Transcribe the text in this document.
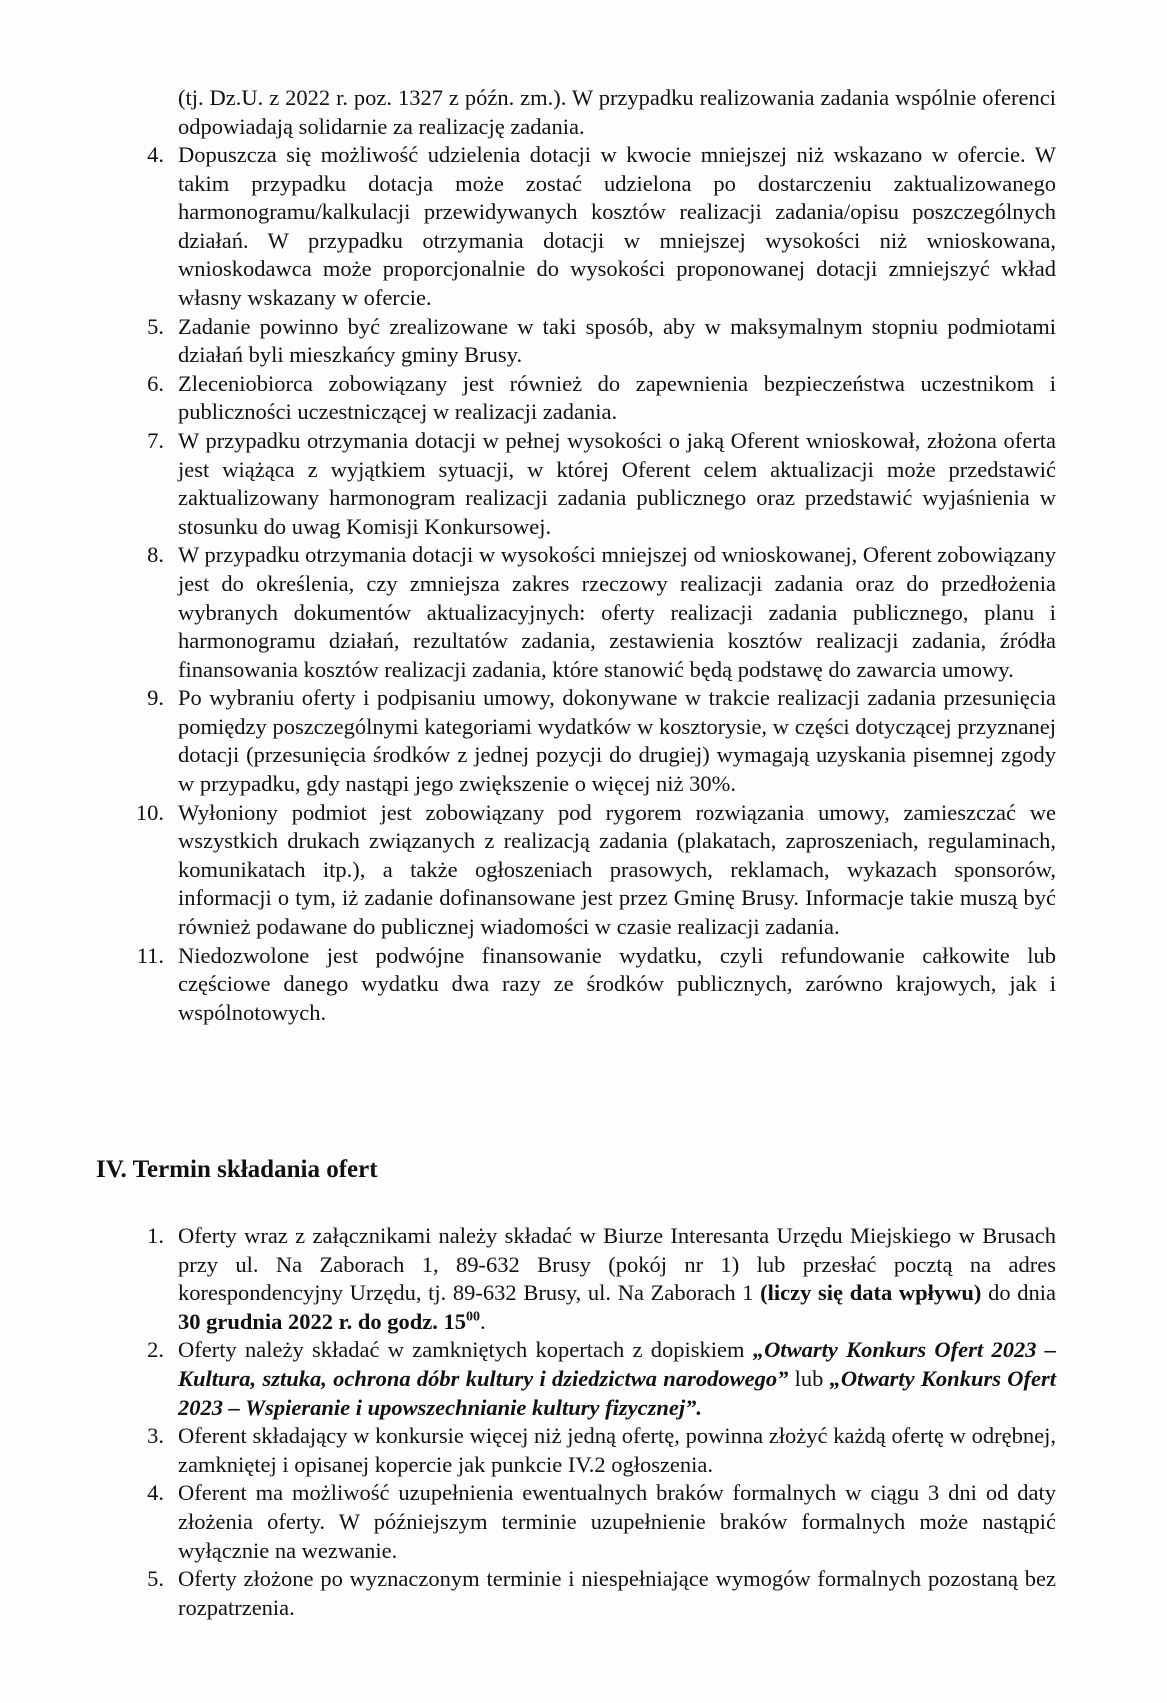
(tj. Dz.U. z 2022 r. poz. 1327 z późn. zm.). W przypadku realizowania zadania wspólnie oferenci odpowiadają solidarnie za realizację zadania.

4. Dopuszcza się możliwość udzielenia dotacji w kwocie mniejszej niż wskazano w ofercie. W takim przypadku dotacja może zostać udzielona po dostarczeniu zaktualizowanego harmonogramu/kalkulacji przewidywanych kosztów realizacji zadania/opisu poszczególnych działań. W przypadku otrzymania dotacji w mniejszej wysokości niż wnioskowana, wnioskodawca może proporcjonalnie do wysokości proponowanej dotacji zmniejszyć wkład własny wskazany w ofercie.
5. Zadanie powinno być zrealizowane w taki sposób, aby w maksymalnym stopniu podmiotami działań byli mieszkańcy gminy Brusy.
6. Zleceniobiorca zobowiązany jest również do zapewnienia bezpieczeństwa uczestnikom i publiczności uczestniczącej w realizacji zadania.
7. W przypadku otrzymania dotacji w pełnej wysokości o jaką Oferent wnioskował, złożona oferta jest wiążąca z wyjątkiem sytuacji, w której Oferent celem aktualizacji może przedstawić zaktualizowany harmonogram realizacji zadania publicznego oraz przedstawić wyjaśnienia w stosunku do uwag Komisji Konkursowej.
8. W przypadku otrzymania dotacji w wysokości mniejszej od wnioskowanej, Oferent zobowiązany jest do określenia, czy zmniejsza zakres rzeczowy realizacji zadania oraz do przedłożenia wybranych dokumentów aktualizacyjnych: oferty realizacji zadania publicznego, planu i harmonogramu działań, rezultatów zadania, zestawienia kosztów realizacji zadania, źródła finansowania kosztów realizacji zadania, które stanowić będą podstawę do zawarcia umowy.
9. Po wybraniu oferty i podpisaniu umowy, dokonywane w trakcie realizacji zadania przesunięcia pomiędzy poszczególnymi kategoriami wydatków w kosztorysie, w części dotyczącej przyznanej dotacji (przesunięcia środków z jednej pozycji do drugiej) wymagają uzyskania pisemnej zgody w przypadku, gdy nastąpi jego zwiększenie o więcej niż 30%.
10. Wyłoniony podmiot jest zobowiązany pod rygorem rozwiązania umowy, zamieszczać we wszystkich drukach związanych z realizacją zadania (plakatach, zaproszeniach, regulaminach, komunikatach itp.), a także ogłoszeniach prasowych, reklamach, wykazach sponsorów, informacji o tym, iż zadanie dofinansowane jest przez Gminę Brusy. Informacje takie muszą być również podawane do publicznej wiadomości w czasie realizacji zadania.
11. Niedozwolone jest podwójne finansowanie wydatku, czyli refundowanie całkowite lub częściowe danego wydatku dwa razy ze środków publicznych, zarówno krajowych, jak i wspólnotowych.
IV. Termin składania ofert
1. Oferty wraz z załącznikami należy składać w Biurze Interesanta Urzędu Miejskiego w Brusach przy ul. Na Zaborach 1, 89-632 Brusy (pokój nr 1) lub przesłać pocztą na adres korespondencyjny Urzędu, tj. 89-632 Brusy, ul. Na Zaborach 1 (liczy się data wpływu) do dnia 30 grudnia 2022 r. do godz. $15^{00}$.
2. Oferty należy składać w zamkniętych kopertach z dopiskiem „Otwarty Konkurs Ofert 2023 – Kultura, sztuka, ochrona dóbr kultury i dziedzictwa narodowego” lub „Otwarty Konkurs Ofert 2023 – Wspieranie i upowszechnianie kultury fizycznej”.
3. Oferent składający w konkursie więcej niż jedną ofertę, powinna złożyć każdą ofertę w odrębnej, zamkniętej i opisanej kopercie jak punkcie IV.2 ogłoszenia.
4. Oferent ma możliwość uzupełnienia ewentualnych braków formalnych w ciągu 3 dni od daty złożenia oferty. W późniejszym terminie uzupełnienie braków formalnych może nastąpić wyłącznie na wezwanie.
5. Oferty złożone po wyznaczonym terminie i niespełniające wymogów formalnych pozostaną bez rozpatrzenia.
